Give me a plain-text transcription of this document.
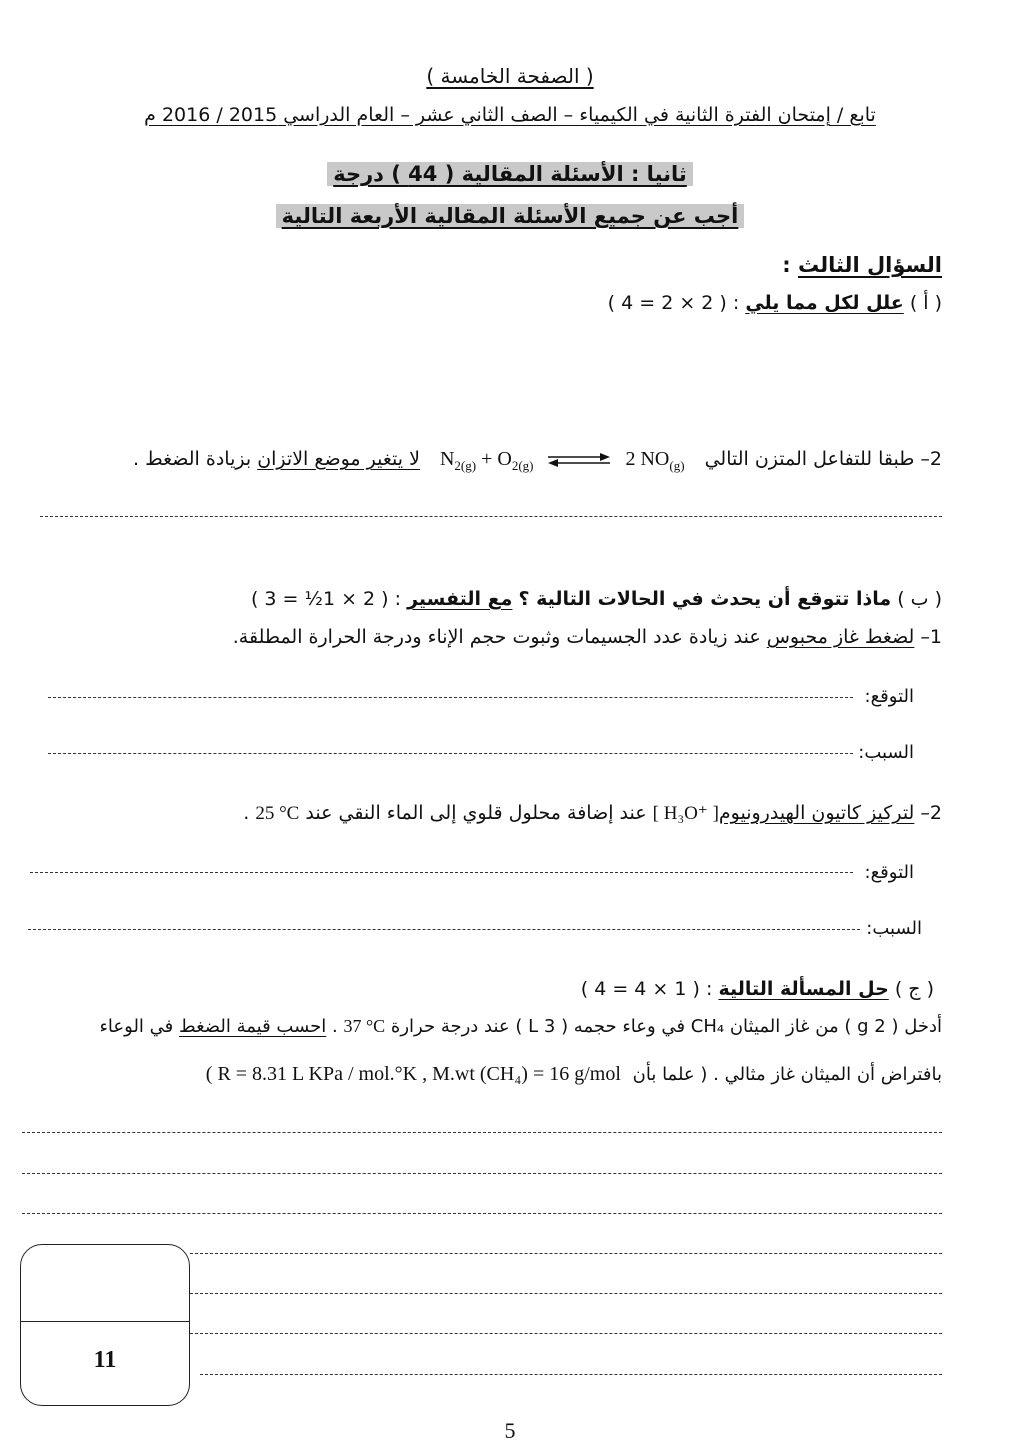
( الصفحة الخامسة )
تابع / إمتحان الفترة الثانية في الكيمياء – الصف الثاني عشر – العام الدراسي 2015 / 2016 م
ثانيا : الأسئلة المقالية ( 44 ) درجة
أجب عن جميع الأسئلة المقالية الأربعة التالية
السؤال الثالث :
( أ ) علل لكل مما يلي : ( 2 × 2 = 4 )
2– طبقا للتفاعل المتزن التالي $N_{2(g)} + O_{2(g)}$ ⇌ 2 $NO_{(g)}$ لا يتغير موضع الاتزان بزيادة الضغط .
( ب ) ماذا تتوقع أن يحدث في الحالات التالية ؟ مع التفسير : ( 2 × 1½ = 3 )
1– لضغط غاز محبوس عند زيادة عدد الجسيمات وثبوت حجم الإناء ودرجة الحرارة المطلقة.
التوقع:
السبب:
2– لتركيز كاتيون الهيدرونيوم[ H₃O⁺ ] عند إضافة محلول قلوي إلى الماء النقي عند 25 °C .
التوقع:
السبب:
( ج ) حل المسألة التالية : ( 1 × 4 = 4 )
أدخل ( 2 g ) من غاز الميثان CH₄ في وعاء حجمه ( 3 L ) عند درجة حرارة 37 °C . احسب قيمة الضغط في الوعاء
بافتراض أن الميثان غاز مثالي . ( علما بأن ( R = 8.31 L KPa / mol.°K , M.wt (CH₄) = 16 g/mol
11
5
